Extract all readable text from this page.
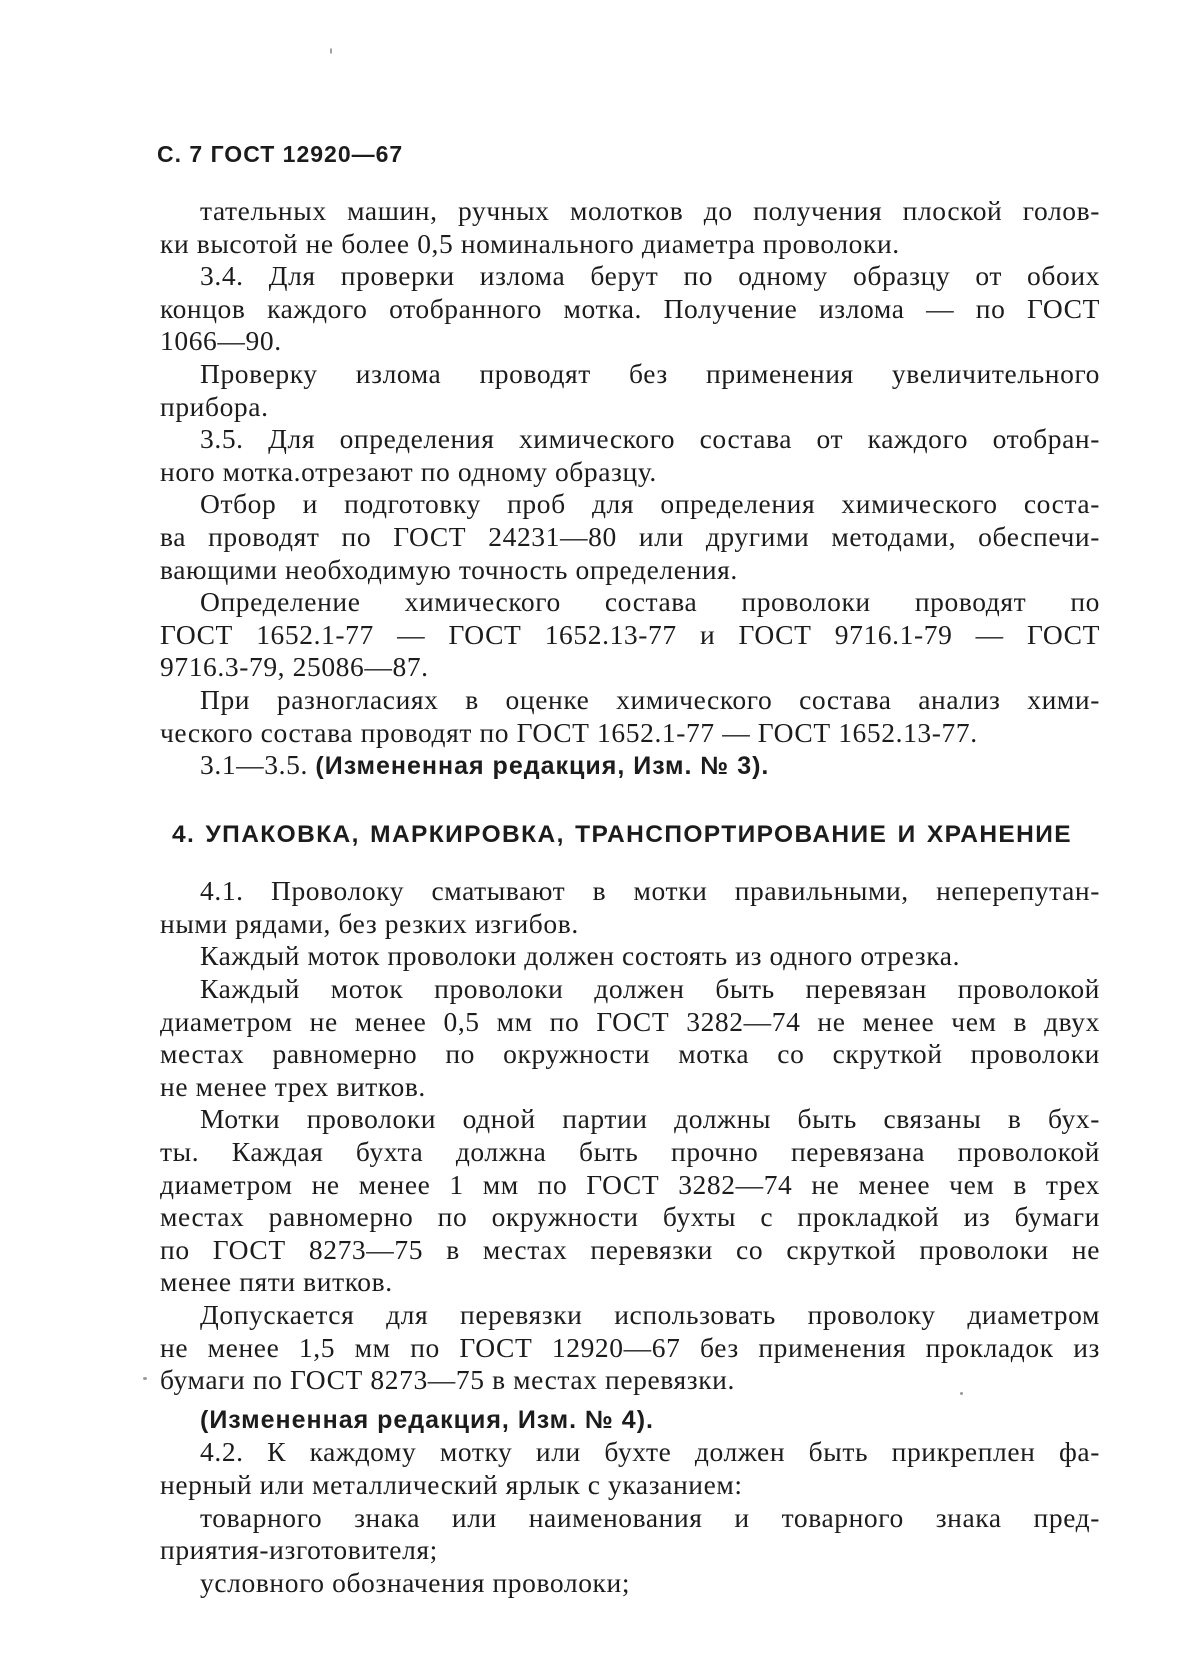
С. 7 ГОСТ 12920—67

тательных машин, ручных молотков до получения плоской голов-

ки высотой не более 0,5 номинального диаметра проволоки.

3.4. Для проверки излома берут по одному образцу от обоих

концов каждого отобранного мотка. Получение излома — по ГОСТ

1066—90.

Проверку излома проводят без применения увеличительного

прибора.

3.5. Для определения химического состава от каждого отобран-

ного мотка.отрезают по одному образцу.

Отбор и подготовку проб для определения химического соста-

ва проводят по ГОСТ 24231—80 или другими методами, обеспечи-

вающими необходимую точность определения.

Определение химического состава проволоки проводят по

ГОСТ 1652.1-77 — ГОСТ 1652.13-77 и ГОСТ 9716.1-79 — ГОСТ

9716.3-79, 25086—87.

При разногласиях в оценке химического состава анализ хими-

ческого состава проводят по ГОСТ 1652.1-77 — ГОСТ 1652.13-77.

3.1—3.5. (Измененная редакция, Изм. № 3).

4. УПАКОВКА, МАРКИРОВКА, ТРАНСПОРТИРОВАНИЕ И ХРАНЕНИЕ

4.1. Проволоку сматывают в мотки правильными, неперепутан-

ными рядами, без резких изгибов.

Каждый моток проволоки должен состоять из одного отрезка.

Каждый моток проволоки должен быть перевязан проволокой

диаметром не менее 0,5 мм по ГОСТ 3282—74 не менее чем в двух

местах равномерно по окружности мотка со скруткой проволоки

не менее трех витков.

Мотки проволоки одной партии должны быть связаны в бух-

ты. Каждая бухта должна быть прочно перевязана проволокой

диаметром не менее 1 мм по ГОСТ 3282—74 не менее чем в трех

местах равномерно по окружности бухты с прокладкой из бумаги

по ГОСТ 8273—75 в местах перевязки со скруткой проволоки не

менее пяти витков.

Допускается для перевязки использовать проволоку диаметром

не менее 1,5 мм по ГОСТ 12920—67 без применения прокладок из

бумаги по ГОСТ 8273—75 в местах перевязки.

(Измененная редакция, Изм. № 4).

4.2. К каждому мотку или бухте должен быть прикреплен фа-

нерный или металлический ярлык с указанием:

товарного знака или наименования и товарного знака пред-

приятия-изготовителя;

условного обозначения проволоки;
